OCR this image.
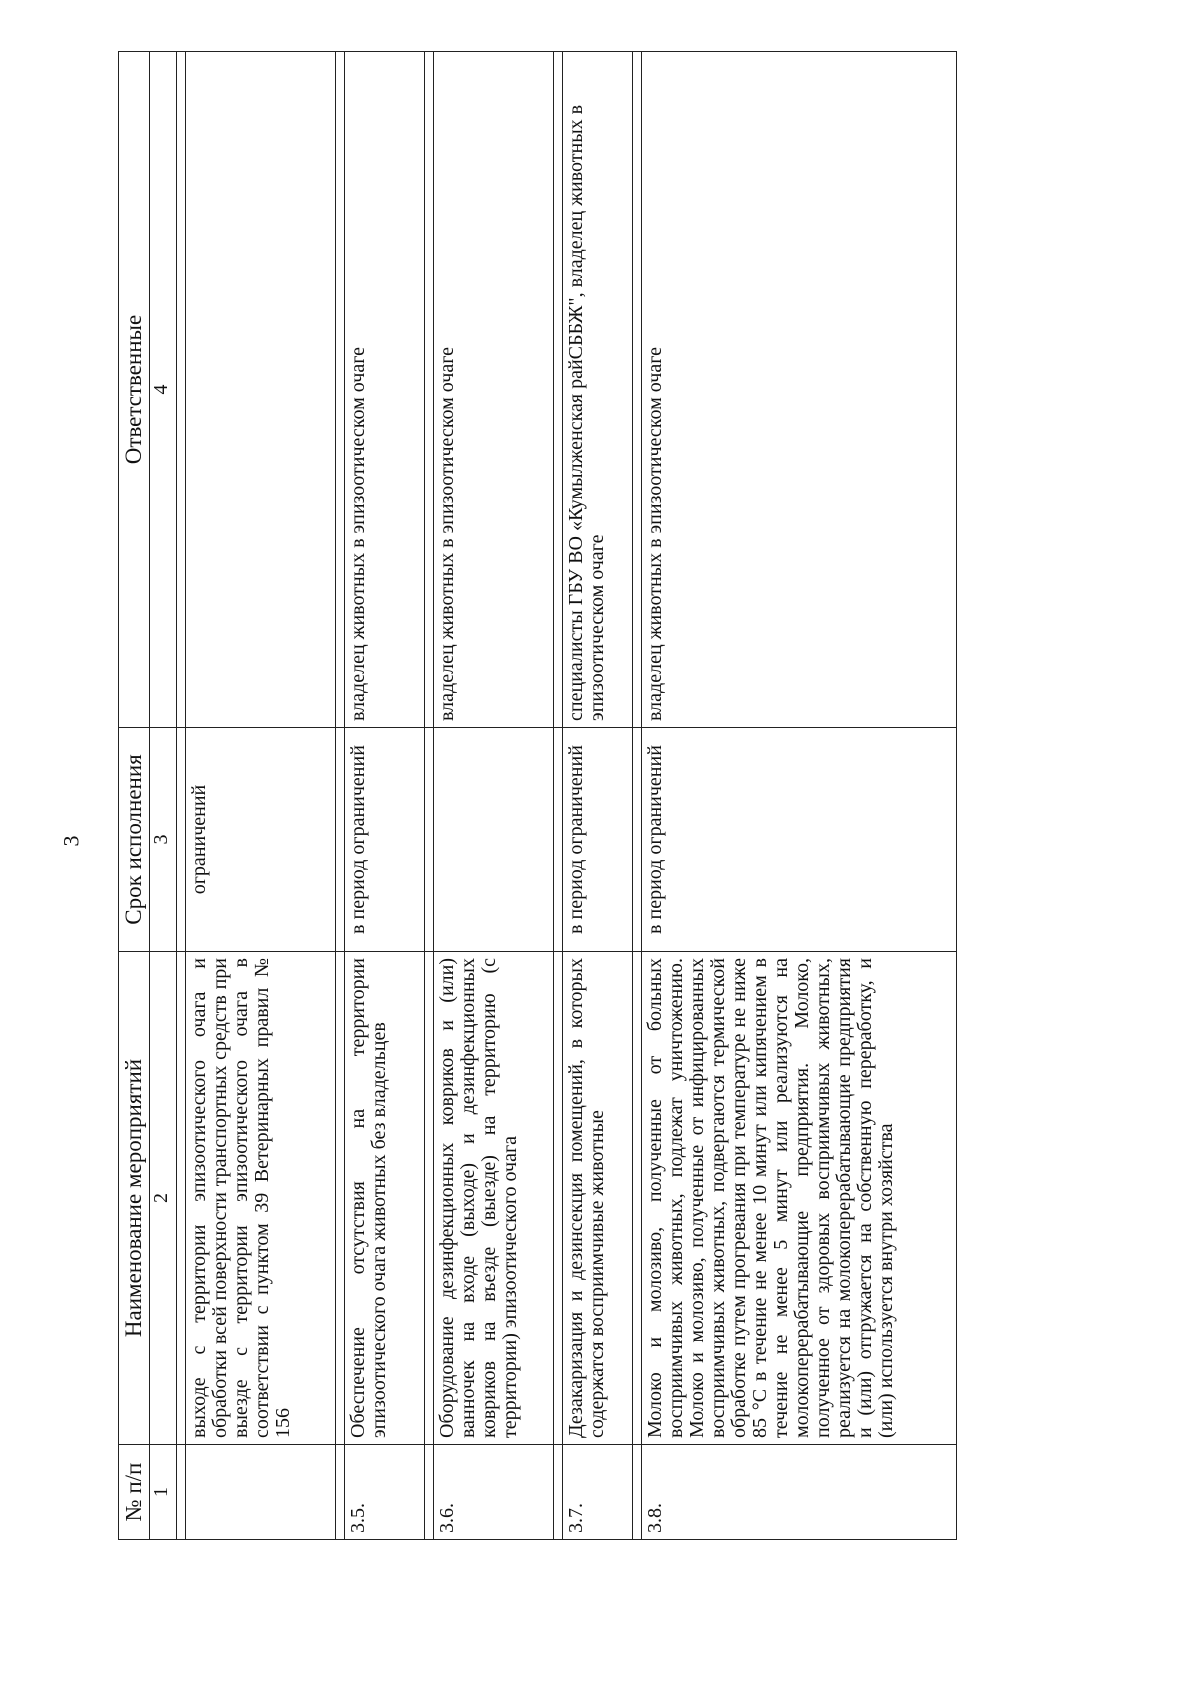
3
№ п/п	Наименование мероприятий	Срок исполнения	Ответственные
1	2	3	4

	выходе с территории эпизоотического очага и обработки всей поверхности транспортных средств при выезде с территории эпизоотического очага в соответствии с пунктом 39 Ветеринарных правил № 156	ограничений	

3.5.	Обеспечение отсутствия на территории эпизоотического очага животных без владельцев	в период ограничений	владелец животных в эпизоотическом очаге

3.6.	Оборудование дезинфекционных ковриков и (или) ванночек на входе (выходе) и дезинфекционных ковриков на въезде (выезде) на территорию (с территории) эпизоотического очага		владелец животных в эпизоотическом очаге

3.7.	Дезакаризация и дезинсекция помещений, в которых содержатся восприимчивые животные	в период ограничений	специалисты ГБУ ВО «Кумылженская райСББЖ", владелец животных в эпизоотическом очаге

3.8.	Молоко и молозиво, полученные от больных восприимчивых животных, подлежат уничтожению. Молоко и молозиво, полученные от инфицированных восприимчивых животных, подвергаются термической обработке путем прогревания при температуре не ниже 85 °С в течение не менее 10 минут или кипячением в течение не менее 5 минут или реализуются на молокоперерабатывающие предприятия. Молоко, полученное от здоровых восприимчивых животных, реализуется на молокоперерабатывающие предприятия и (или) отгружается на собственную переработку, и (или) используется внутри хозяйства	в период ограничений	владелец животных в эпизоотическом очаге
